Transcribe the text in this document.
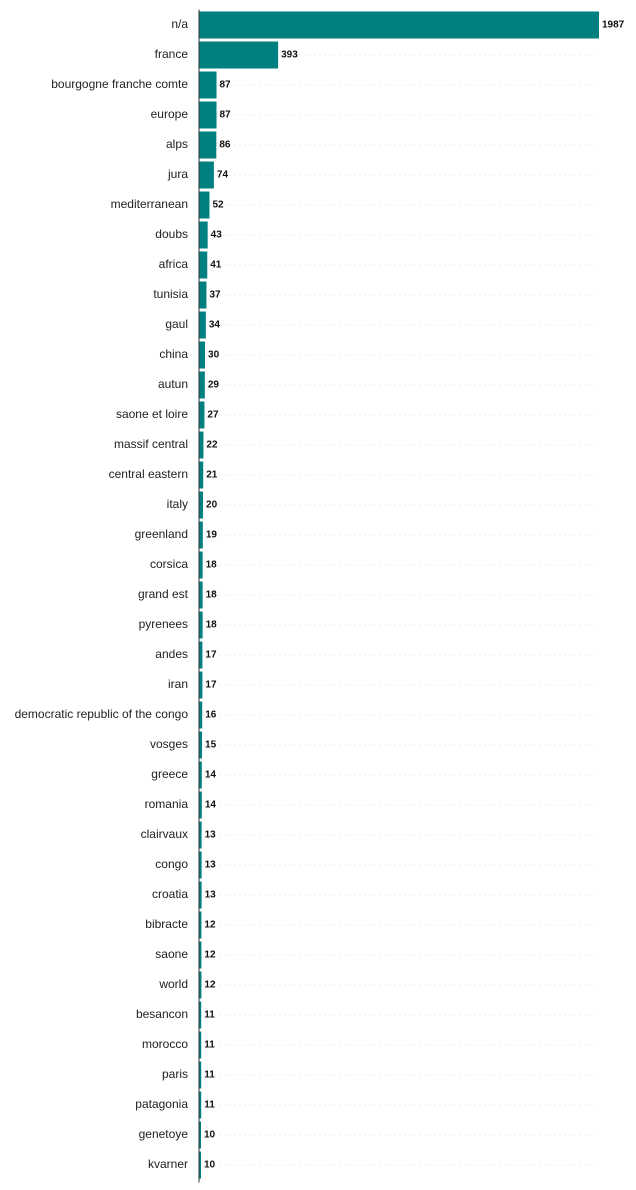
n/a
france
bourgogne franche comte
europe
alps
jura
mediterranean
doubs
africa
tunisia
gaul
china
autun
saone et loire
massif central
central eastern
italy
greenland
corsica
grand est
pyrenees
andes
iran
democratic republic of the congo
vosges
greece
romania
clairvaux
congo
croatia
bibracte
saone
world
besancon
morocco
paris
patagonia
genetoye
kvarner
1987
393
87
87
86
74
52
43
41
37
34
30
29
27
22
21
20
19
18
18
18
17
17
16
15
14
14
13
13
13
12
12
12
11
11
11
11
10
10
